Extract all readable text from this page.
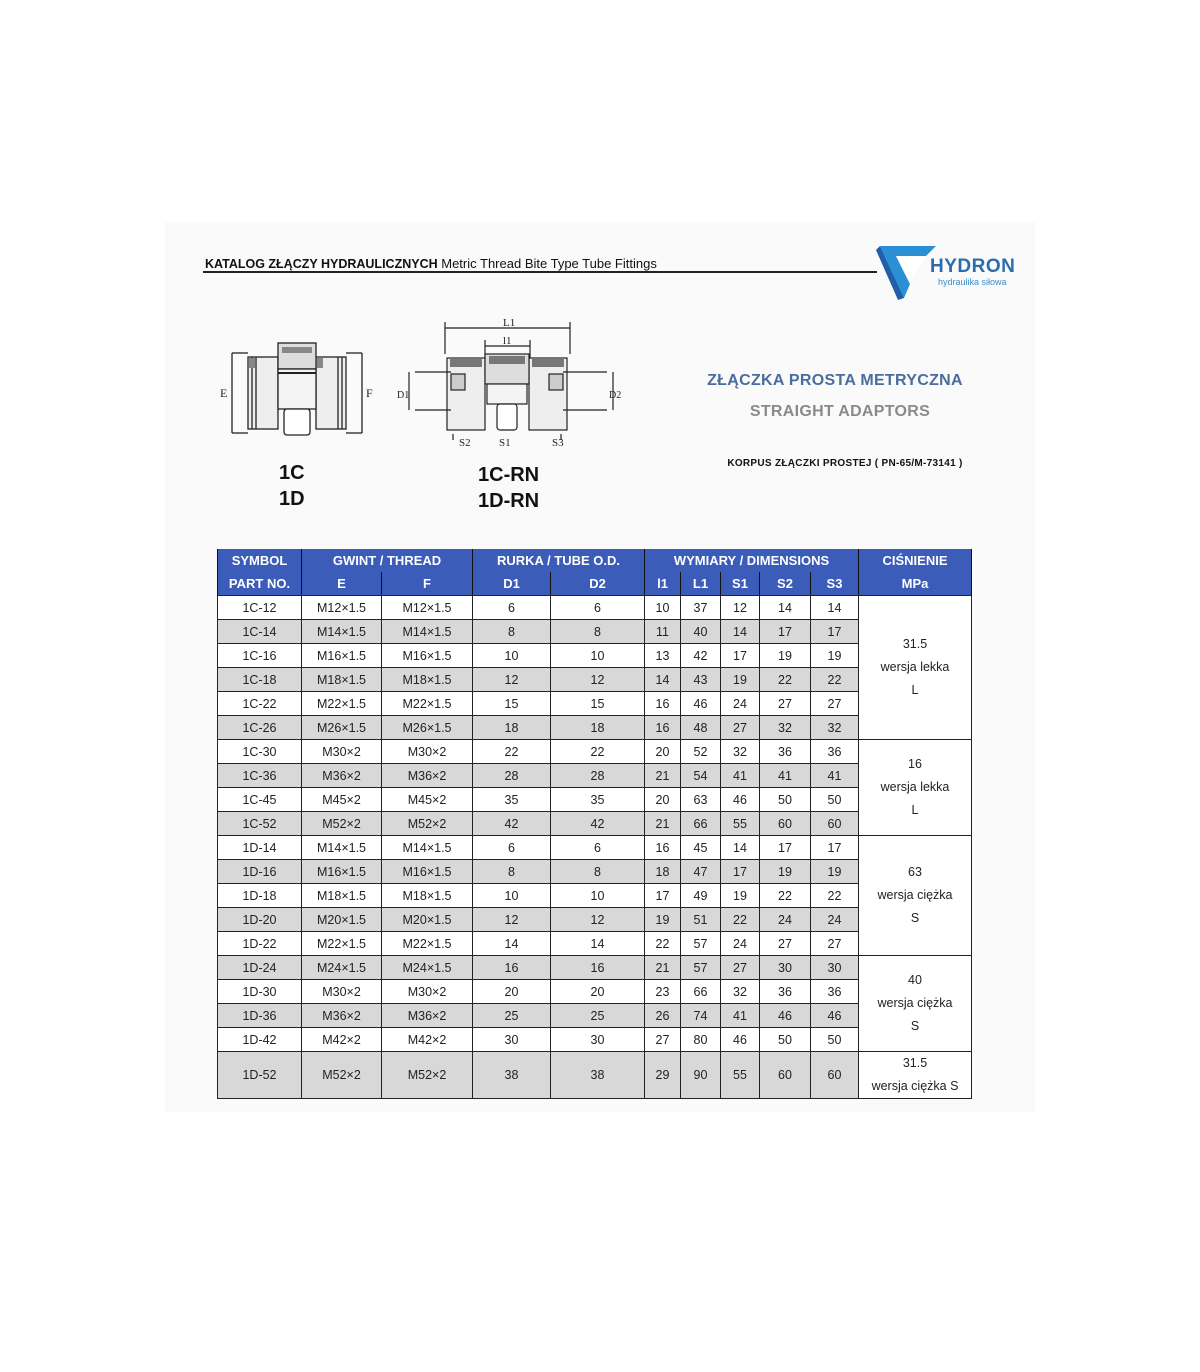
KATALOG ZŁĄCZY HYDRAULICZNYCH Metric Thread Bite Type Tube Fittings	HYDRON
hydraulika siłowa
E	F
1C
1D
L1
l1
D1	D2
S2	S1	S3
1C-RN
1D-RN
ZŁĄCZKA PROSTA METRYCZNA
STRAIGHT ADAPTORS
KORPUS ZŁĄCZKI PROSTEJ ( PN-65/M-73141 )
SYMBOL	GWINT / THREAD		RURKA / TUBE O.D.		WYMIARY / DIMENSIONS					CIŚNIENIE
PART NO.	E	F	D1	D2	l1	L1	S1	S2	S3	MPa
1C-12	M12×1.5	M12×1.5	6	6	10	37	12	14	14	31.5
wersja lekka
L

1C-14	M14×1.5	M14×1.5	8	8	11	40	14	17	17	
1C-16	M16×1.5	M16×1.5	10	10	13	42	17	19	19	
1C-18	M18×1.5	M18×1.5	12	12	14	43	19	22	22	
1C-22	M22×1.5	M22×1.5	15	15	16	46	24	27	27	
1C-26	M26×1.5	M26×1.5	18	18	16	48	27	32	32	
1C-30	M30×2	M30×2	22	22	20	52	32	36	36	16
wersja lekka
L

1C-36	M36×2	M36×2	28	28	21	54	41	41	41	
1C-45	M45×2	M45×2	35	35	20	63	46	50	50	
1C-52	M52×2	M52×2	42	42	21	66	55	60	60	
1D-14	M14×1.5	M14×1.5	6	6	16	45	14	17	17	63
wersja ciężka
S

1D-16	M16×1.5	M16×1.5	8	8	18	47	17	19	19	
1D-18	M18×1.5	M18×1.5	10	10	17	49	19	22	22	
1D-20	M20×1.5	M20×1.5	12	12	19	51	22	24	24	
1D-22	M22×1.5	M22×1.5	14	14	22	57	24	27	27	
1D-24	M24×1.5	M24×1.5	16	16	21	57	27	30	30	40
wersja ciężka
S

1D-30	M30×2	M30×2	20	20	23	66	32	36	36	
1D-36	M36×2	M36×2	25	25	26	74	41	46	46	
1D-42	M42×2	M42×2	30	30	27	80	46	50	50	
1D-52	M52×2	M52×2	38	38	29	90	55	60	60	31.5
wersja ciężka S
